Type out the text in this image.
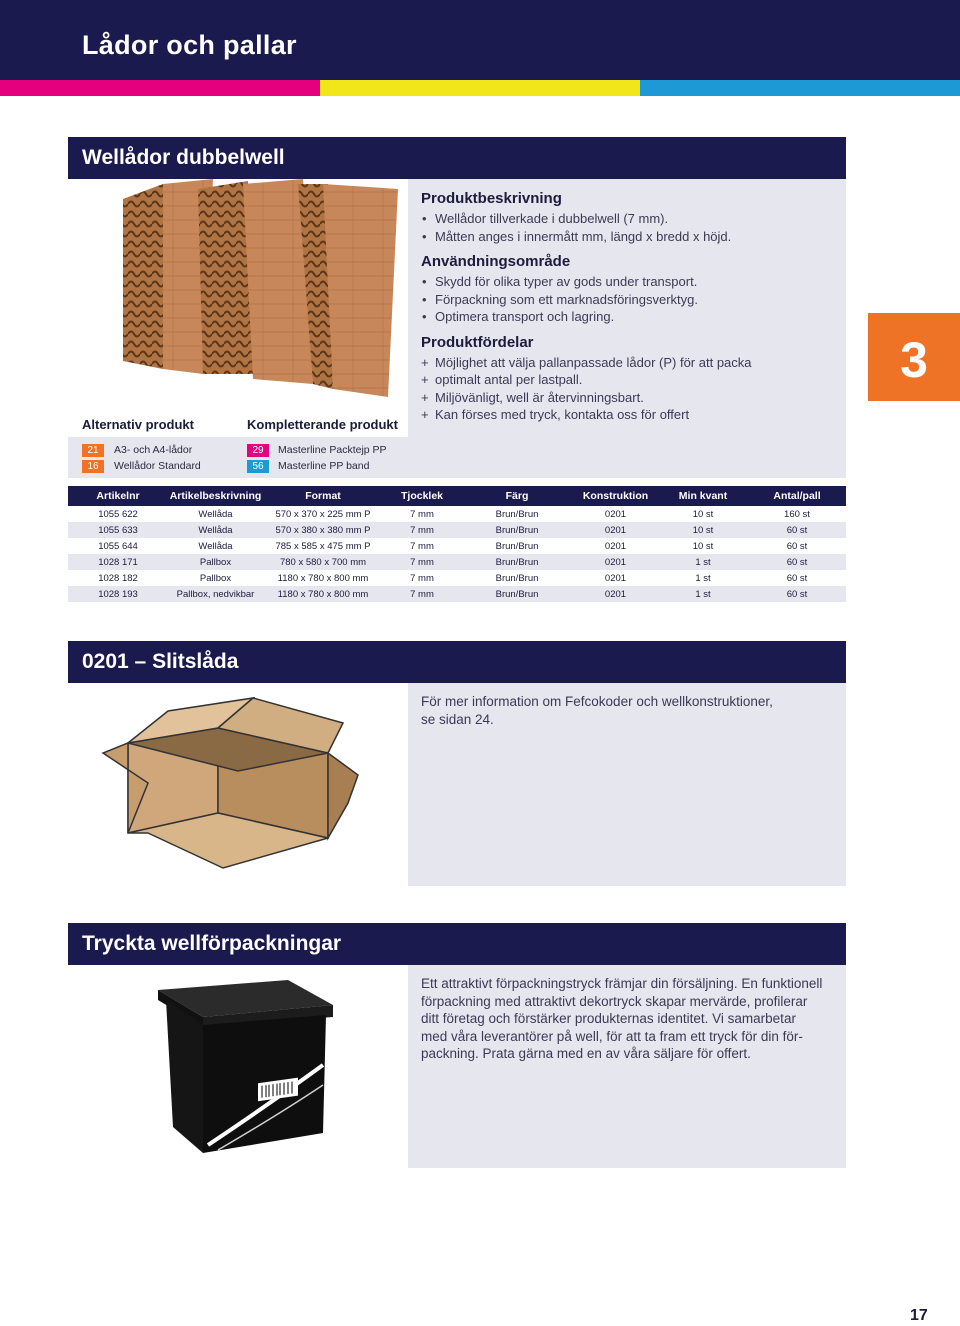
Lådor och pallar
3
Wellådor dubbelwell
Produktbeskrivning
• Wellådor tillverkade i dubbelwell (7 mm).
• Måtten anges i innermått mm, längd x bredd x höjd.
Användningsområde
• Skydd för olika typer av gods under transport.
• Förpackning som ett marknadsföringsverktyg.
• Optimera transport och lagring.
Produktfördelar
+ Möjlighet att välja pallanpassade lådor (P) för att packa
+ optimalt antal per lastpall.
+ Miljövänligt, well är återvinningsbart.
+ Kan förses med tryck, kontakta oss för offert
Alternativ produkt	Kompletterande produkt
21	A3- och A4-lådor
16	Wellådor Standard
29	Masterline Packtejp PP
56	Masterline PP band
Artikelnr	Artikelbeskrivning	Format	Tjocklek	Färg	Konstruktion	Min kvant	Antal/pall
1055 622	Wellåda	570 x 370 x 225 mm P	7 mm	Brun/Brun	0201	10 st	160 st
1055 633	Wellåda	570 x 380 x 380 mm P	7 mm	Brun/Brun	0201	10 st	60 st
1055 644	Wellåda	785 x 585 x 475 mm P	7 mm	Brun/Brun	0201	10 st	60 st
1028 171	Pallbox	780 x 580 x 700 mm	7 mm	Brun/Brun	0201	1 st	60 st
1028 182	Pallbox	1180 x 780 x 800 mm	7 mm	Brun/Brun	0201	1 st	60 st
1028 193	Pallbox, nedvikbar	1180 x 780 x 800 mm	7 mm	Brun/Brun	0201	1 st	60 st
0201 – Slitslåda
För mer information om Fefcokoder och wellkonstruktioner,
se sidan 24.
Tryckta wellförpackningar
Ett attraktivt förpackningstryck främjar din försäljning. En funktionell
förpackning med attraktivt dekortryck skapar mervärde, profilerar
ditt företag och förstärker produkternas identitet. Vi samarbetar
med våra leverantörer på well, för att ta fram ett tryck för din för-
packning. Prata gärna med en av våra säljare för offert.
17
